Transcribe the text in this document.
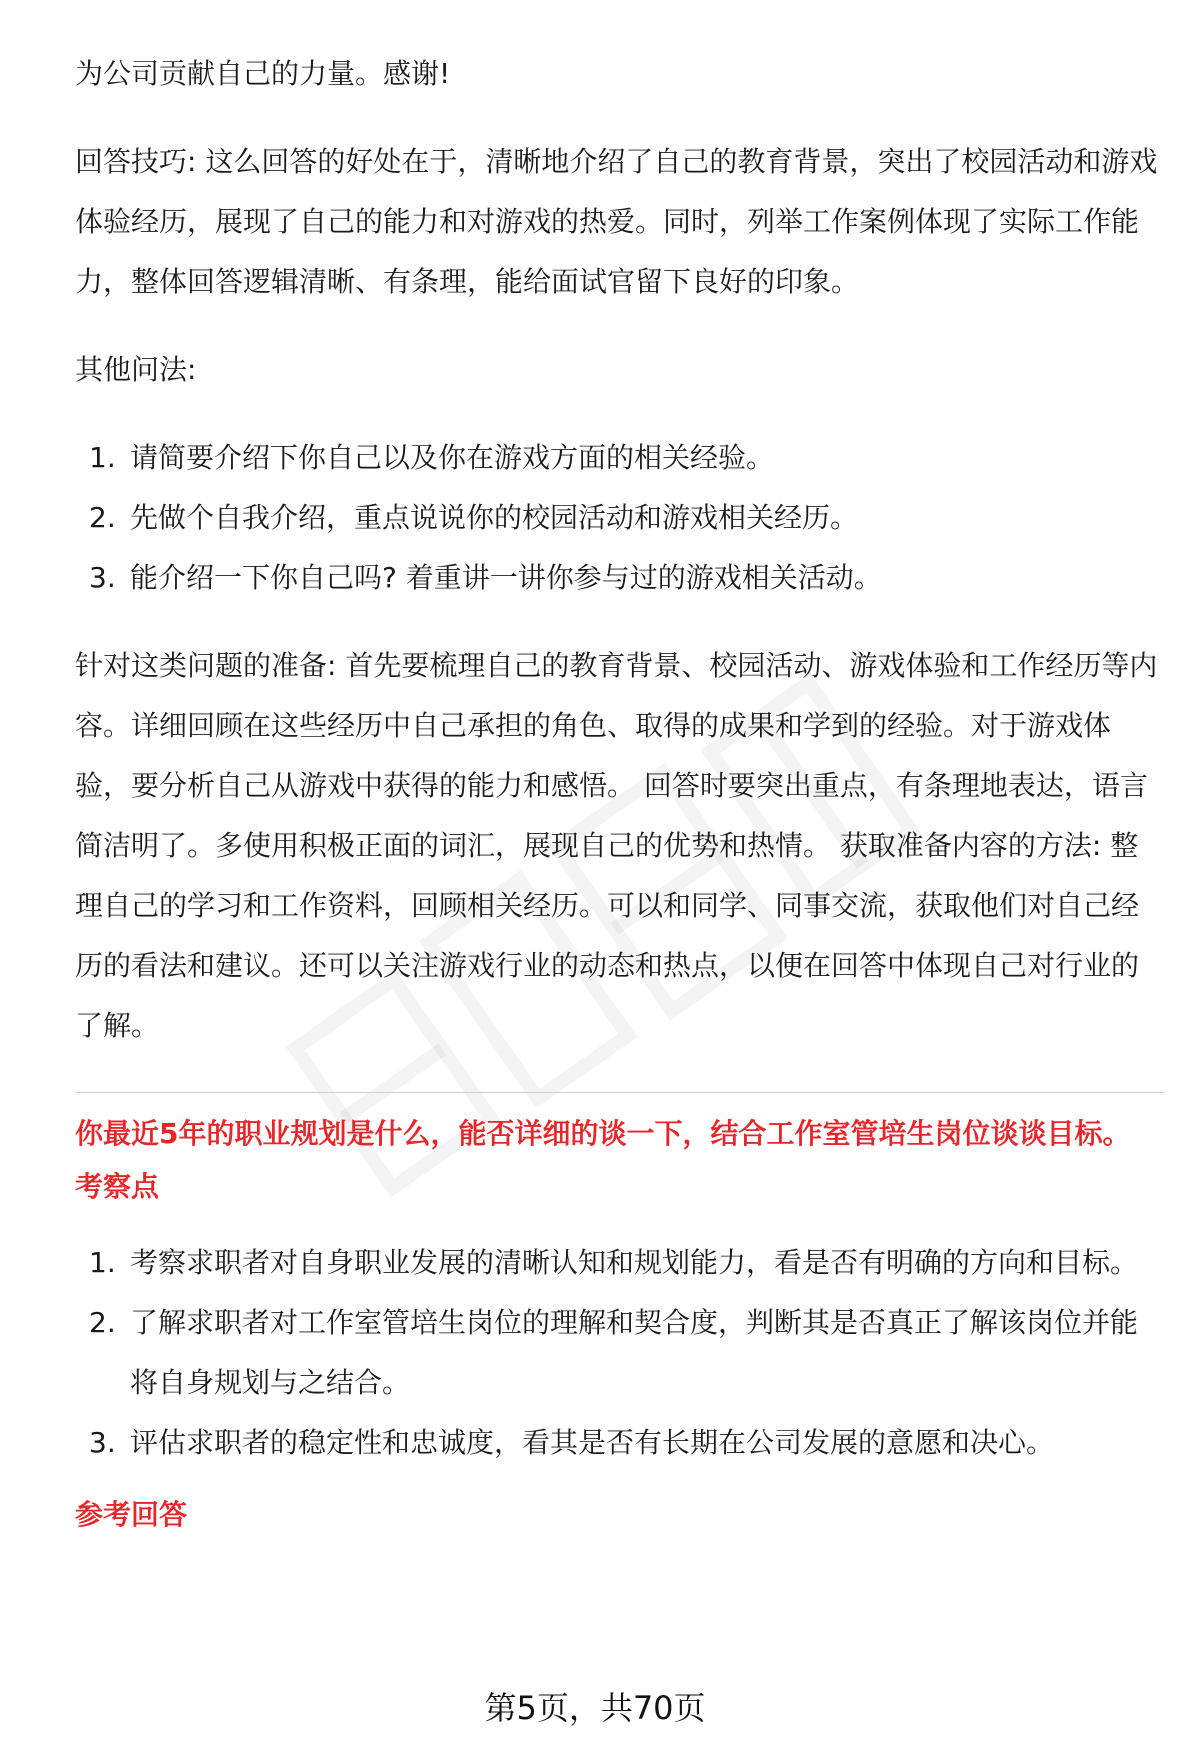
为公司贡献自己的力量。感谢!

回答技巧: 这么回答的好处在于，清晰地介绍了自己的教育背景，突出了校园活动和游戏体验经历，展现了自己的能力和对游戏的热爱。同时，列举工作案例体现了实际工作能力，整体回答逻辑清晰、有条理，能给面试官留下良好的印象。

其他问法:

1. 请简要介绍下你自己以及你在游戏方面的相关经验。
2. 先做个自我介绍，重点说说你的校园活动和游戏相关经历。
3. 能介绍一下你自己吗? 着重讲一讲你参与过的游戏相关活动。

针对这类问题的准备: 首先要梳理自己的教育背景、校园活动、游戏体验和工作经历等内容。详细回顾在这些经历中自己承担的角色、取得的成果和学到的经验。对于游戏体验，要分析自己从游戏中获得的能力和感悟。 回答时要突出重点，有条理地表达，语言简洁明了。多使用积极正面的词汇，展现自己的优势和热情。 获取准备内容的方法: 整理自己的学习和工作资料，回顾相关经历。可以和同学、同事交流，获取他们对自己经历的看法和建议。还可以关注游戏行业的动态和热点，以便在回答中体现自己对行业的了解。

你最近5年的职业规划是什么，能否详细的谈一下，结合工作室管培生岗位谈谈目标。

考察点

1. 考察求职者对自身职业发展的清晰认知和规划能力，看是否有明确的方向和目标。
2. 了解求职者对工作室管培生岗位的理解和契合度，判断其是否真正了解该岗位并能将自身规划与之结合。
3. 评估求职者的稳定性和忠诚度，看其是否有长期在公司发展的意愿和决心。

参考回答

第5页，共70页
